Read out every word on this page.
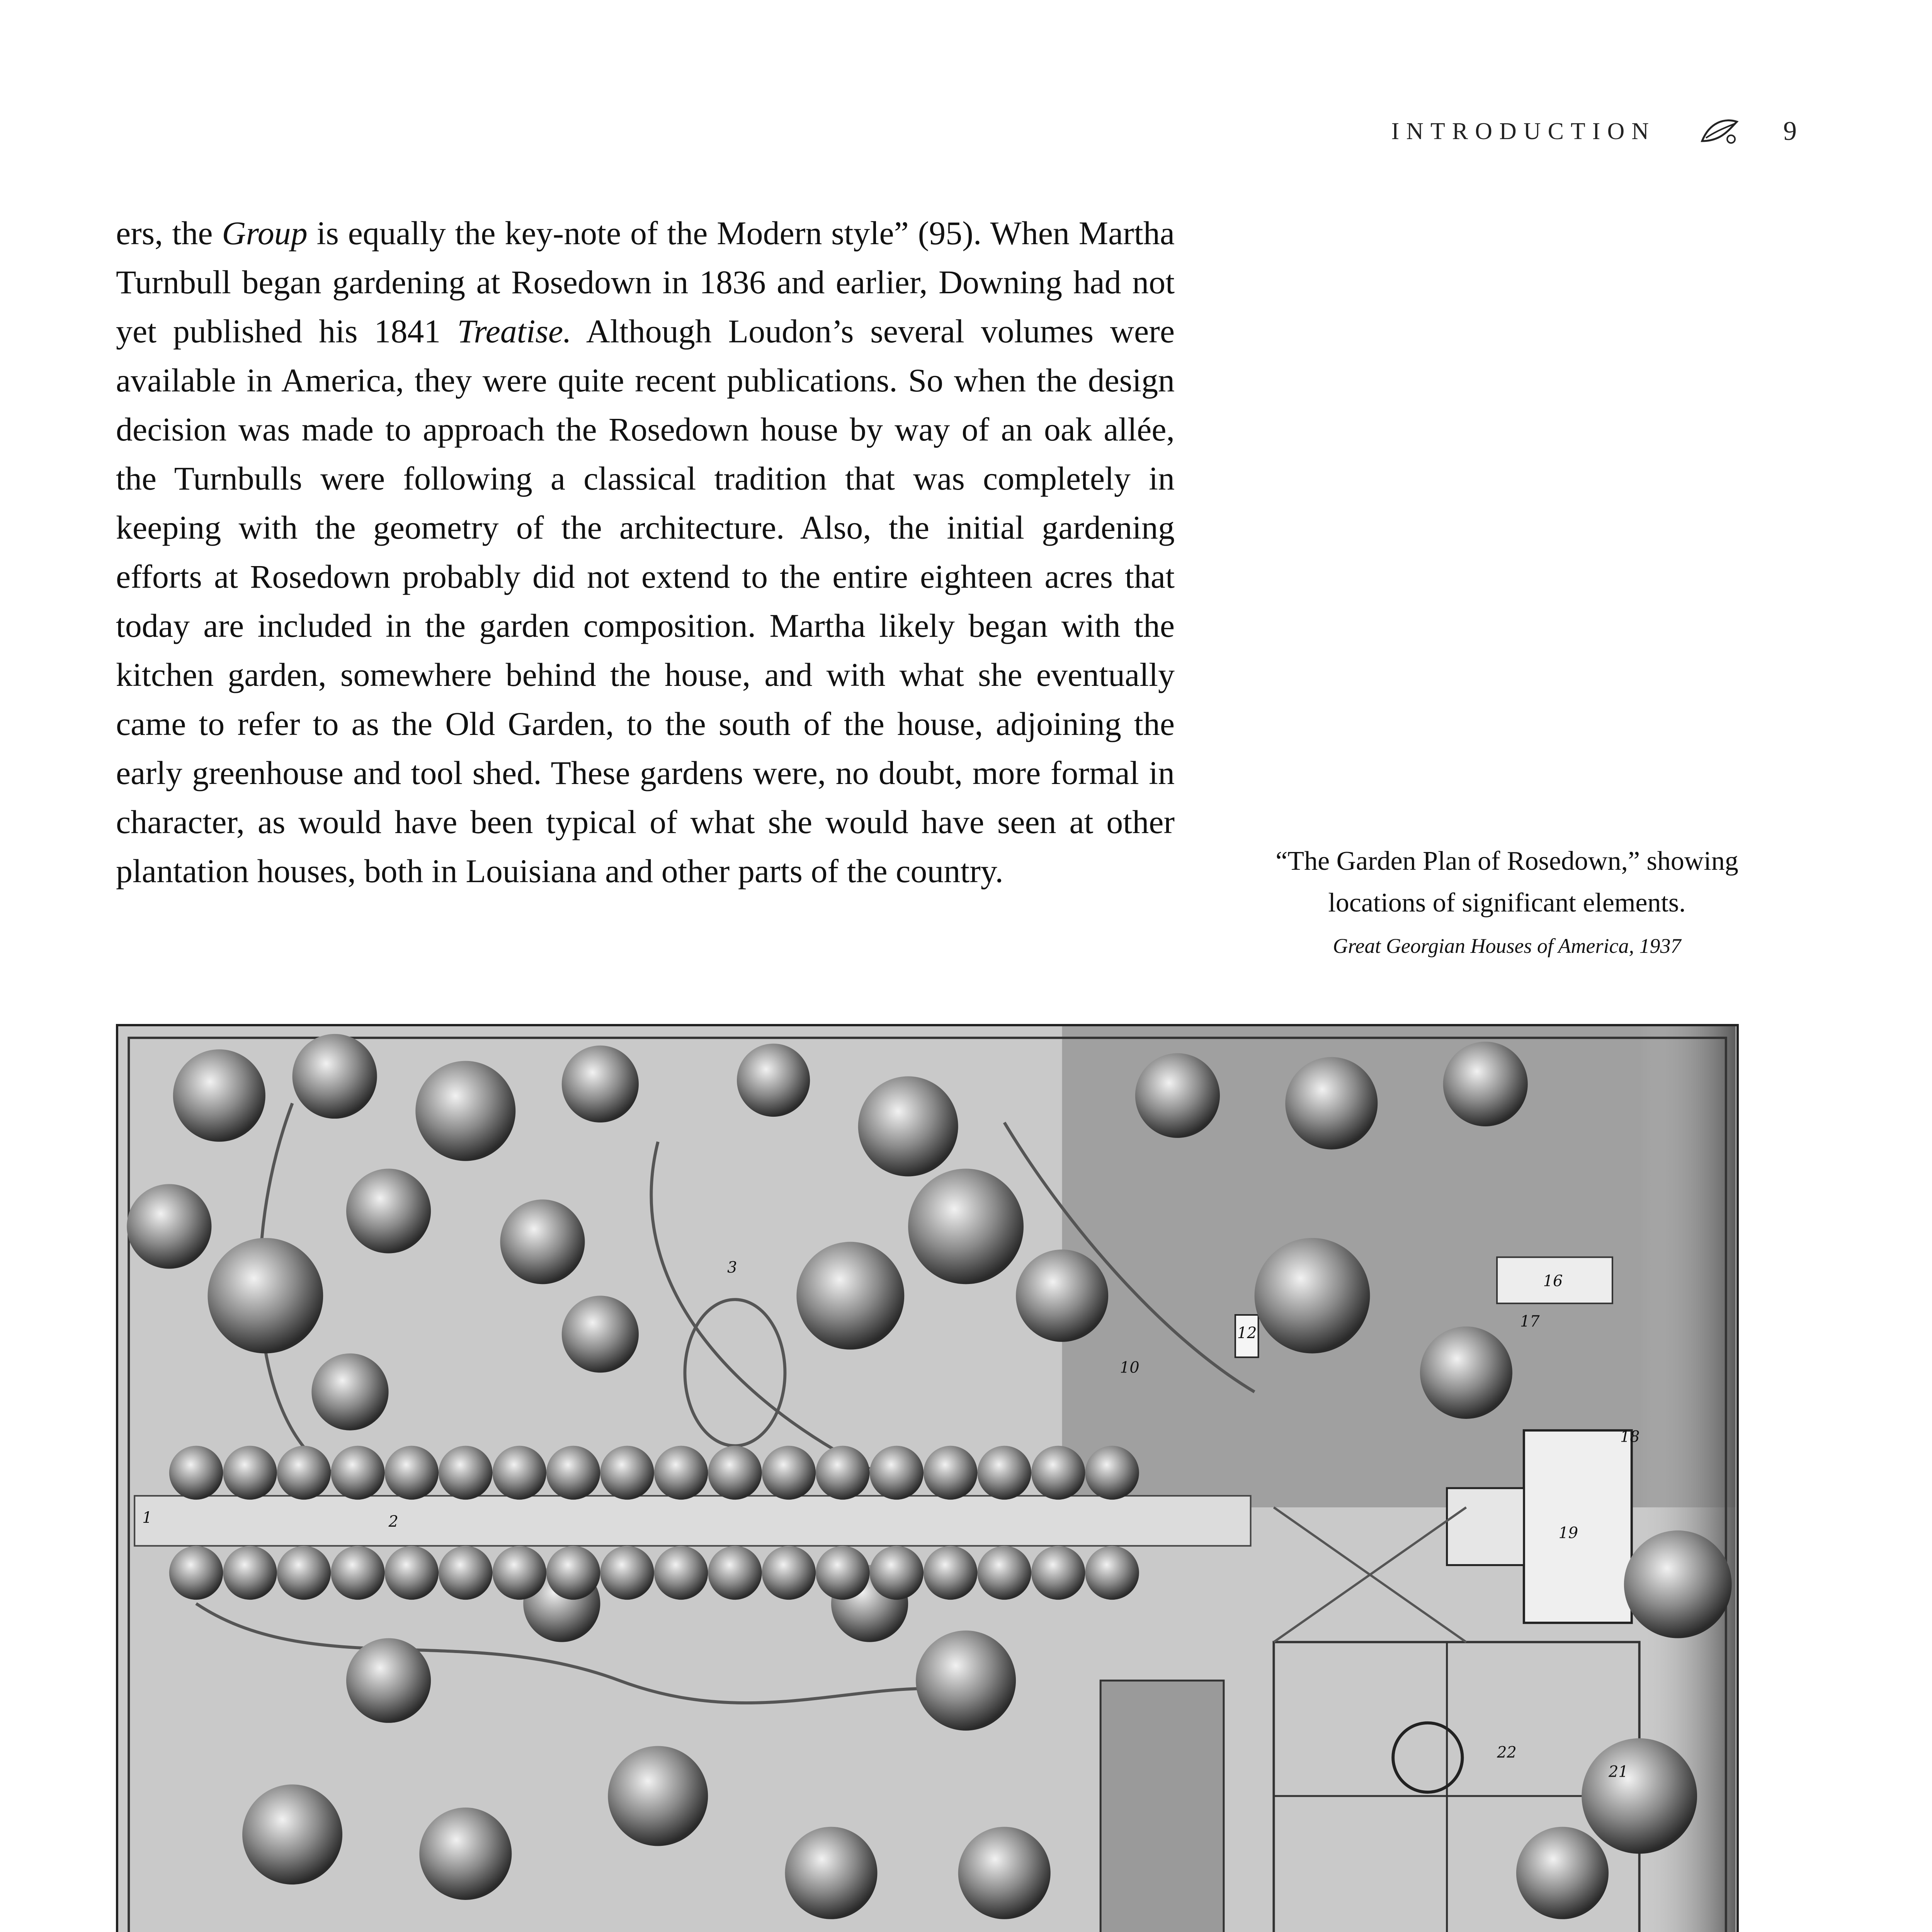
INTRODUCTION	9

ers, the Group is equally the key-note of the Modern style” (95). When Martha Turnbull began gardening at Rosedown in 1836 and earlier, Downing had not yet published his 1841 Treatise. Although Loudon’s several volumes were available in America, they were quite recent publications. So when the design decision was made to approach the Rosedown house by way of an oak allée, the Turnbulls were following a classical tradition that was completely in keeping with the geometry of the architecture. Also, the initial gardening efforts at Rosedown probably did not extend to the entire eighteen acres that today are included in the garden composition. Martha likely began with the kitchen garden, somewhere behind the house, and with what she eventually came to refer to as the Old Garden, to the south of the house, adjoining the early greenhouse and tool shed. These gardens were, no doubt, more formal in character, as would have been typical of what she would have seen at other plantation houses, both in Louisiana and other parts of the country.	“The Garden Plan of Rosedown,” showing locations of significant elements.
Great Georgian Houses of America, 1937
1	2
3
10
12
16
17
18
19
21
22
